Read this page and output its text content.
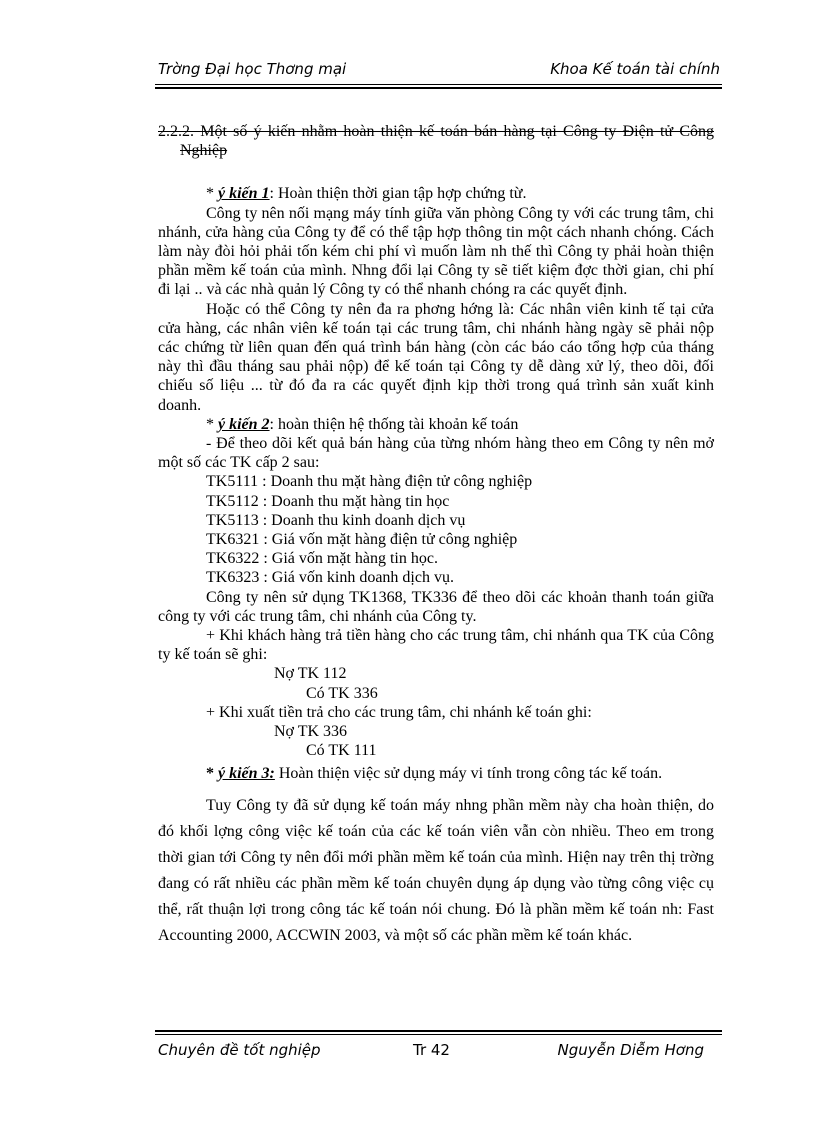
Trờng Đại học Thơng mại	Khoa Kế toán tài chính

2.2.2. Một số ý kiến nhằm hoàn thiện kế toán bán hàng tại Công ty Điện tử Công Nghiệp

* ý kiến 1: Hoàn thiện thời gian tập hợp chứng từ.

Công ty nên nối mạng máy tính giữa văn phòng Công ty với các trung tâm, chi nhánh, cửa hàng của Công ty để có thể tập hợp thông tin một cách nhanh chóng. Cách làm này đòi hỏi phải tốn kém chi phí vì muốn làm nh thế thì Công ty phải hoàn thiện phần mềm kế toán của mình. Nhng đổi lại Công ty sẽ tiết kiệm đợc thời gian, chi phí đi lại .. và các nhà quản lý Công ty có thể nhanh chóng ra các quyết định.

Hoặc có thể Công ty nên đa ra phơng hớng là: Các nhân viên kinh tế tại cửa cửa hàng, các nhân viên kế toán tại các trung tâm, chi nhánh hàng ngày sẽ phải nộp các chứng từ liên quan đến quá trình bán hàng (còn các báo cáo tổng hợp của tháng này thì đầu tháng sau phải nộp) để kế toán tại Công ty dễ dàng xử lý, theo dõi, đối chiếu số liệu ... từ đó đa ra các quyết định kịp thời trong quá trình sản xuất kinh doanh.

* ý kiến 2: hoàn thiện hệ thống tài khoản kế toán

- Để theo dõi kết quả bán hàng của từng nhóm hàng theo em Công ty nên mở một số các TK cấp 2 sau:

TK5111 : Doanh thu mặt hàng điện tử công nghiệp

TK5112 : Doanh thu mặt hàng tin học

TK5113 : Doanh thu kinh doanh dịch vụ

TK6321 : Giá vốn mặt hàng điện tử công nghiệp

TK6322 : Giá vốn mặt hàng tin học.

TK6323 : Giá vốn kinh doanh dịch vụ.

Công ty nên sử dụng TK1368, TK336 để theo dõi các khoản thanh toán giữa công ty với các trung tâm, chi nhánh của Công ty.

+ Khi khách hàng trả tiền hàng cho các trung tâm, chi nhánh qua TK của Công ty kế toán sẽ ghi:

Nợ TK 112

Có TK 336

+ Khi xuất tiền trả cho các trung tâm, chi nhánh kế toán ghi:

Nợ TK 336

Có TK 111

* ý kiến 3: Hoàn thiện việc sử dụng máy vi tính trong công tác kế toán.

Tuy Công ty đã sử dụng kế toán máy nhng phần mềm này cha hoàn thiện, do đó khối lợng công việc kế toán của các kế toán viên vẫn còn nhiều. Theo em trong thời gian tới Công ty nên đổi mới phần mềm kế toán của mình. Hiện nay trên thị trờng đang có rất nhiều các phần mềm kế toán chuyên dụng áp dụng vào từng công việc cụ thể, rất thuận lợi trong công tác kế toán nói chung. Đó là phần mềm kế toán nh: Fast Accounting 2000, ACCWIN 2003, và một số các phần mềm kế toán khác.

Chuyên đề tốt nghiệp	Tr 42	Nguyễn Diễm Hơng
